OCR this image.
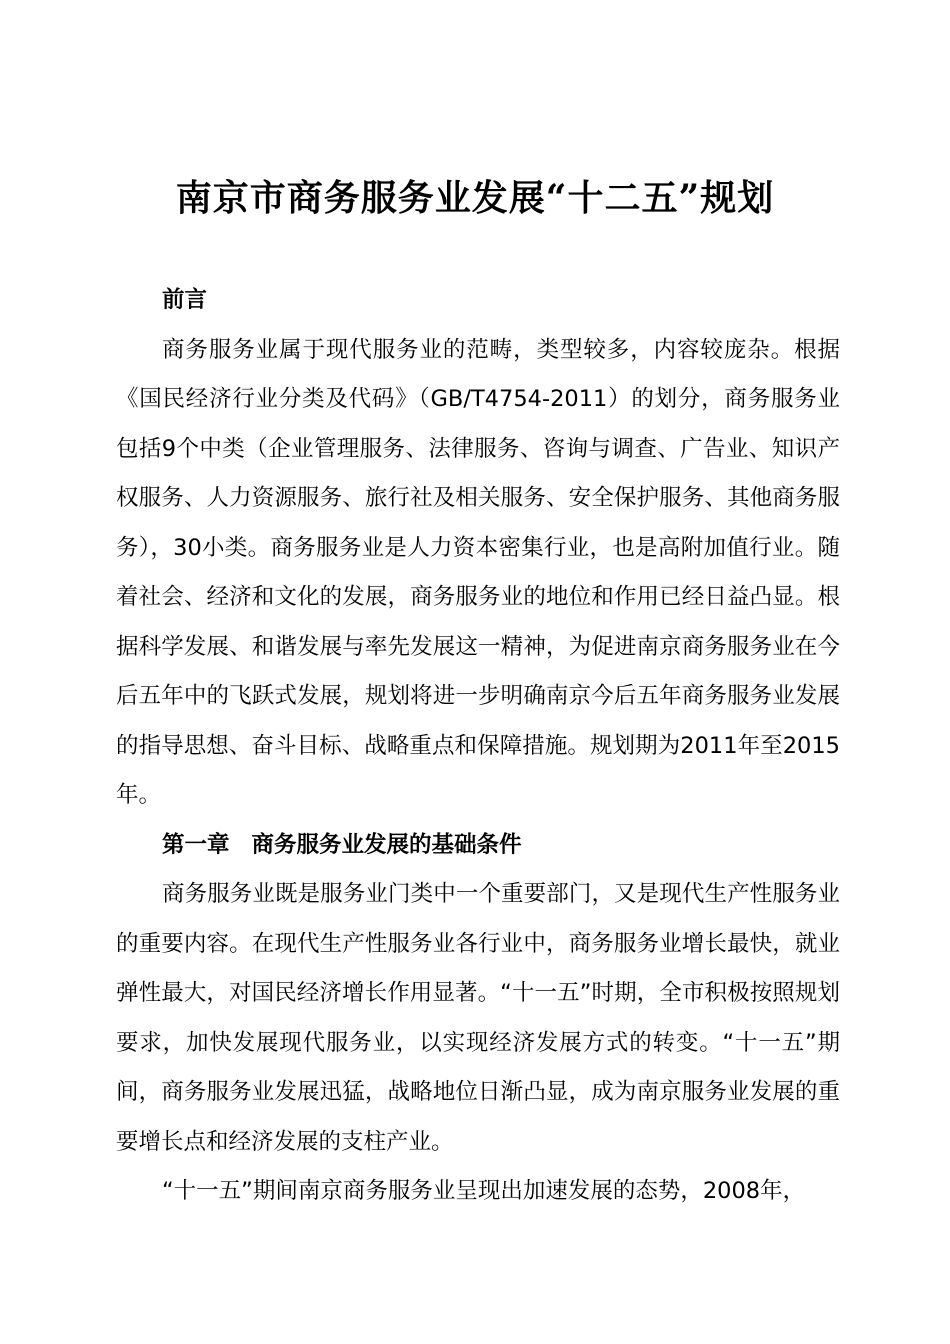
南京市商务服务业发展“十二五”规划

前言

商务服务业属于现代服务业的范畴，类型较多，内容较庞杂。根据《国民经济行业分类及代码》（GB/T4754-2011）的划分，商务服务业包括9个中类（企业管理服务、法律服务、咨询与调查、广告业、知识产权服务、人力资源服务、旅行社及相关服务、安全保护服务、其他商务服务），30小类。商务服务业是人力资本密集行业，也是高附加值行业。随着社会、经济和文化的发展，商务服务业的地位和作用已经日益凸显。根据科学发展、和谐发展与率先发展这一精神，为促进南京商务服务业在今后五年中的飞跃式发展，规划将进一步明确南京今后五年商务服务业发展的指导思想、奋斗目标、战略重点和保障措施。规划期为2011年至2015年。

第一章 商务服务业发展的基础条件

商务服务业既是服务业门类中一个重要部门，又是现代生产性服务业的重要内容。在现代生产性服务业各行业中，商务服务业增长最快，就业弹性最大，对国民经济增长作用显著。“十一五”时期，全市积极按照规划要求，加快发展现代服务业，以实现经济发展方式的转变。“十一五”期间，商务服务业发展迅猛，战略地位日渐凸显，成为南京服务业发展的重要增长点和经济发展的支柱产业。

“十一五”期间南京商务服务业呈现出加速发展的态势，2008年，
